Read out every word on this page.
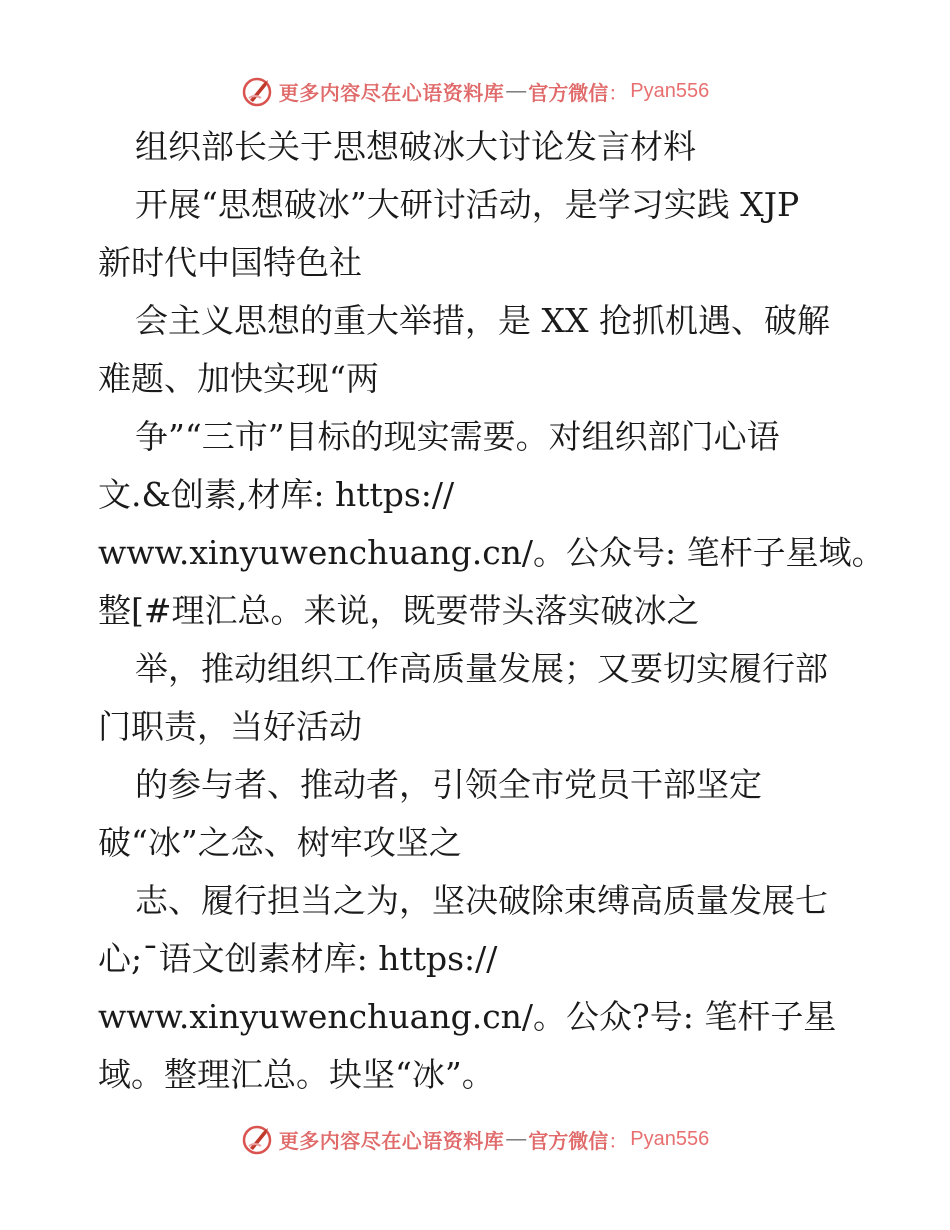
更多内容尽在心语资料库 — 官方微信 ： Pyan556
组织部长关于思想破冰大讨论发言材料
开展“思想破冰”大研讨活动，是学习实践 XJP
新时代中国特色社
会主义思想的重大举措，是 XX 抢抓机遇、破解
难题、加快实现“两
争”“三市”目标的现实需要。对组织部门心语
文.&创素,材库: https://
www.xinyuwenchuang.cn/。公众号: 笔杆子星域。
整[#理汇总。来说，既要带头落实破冰之
举，推动组织工作高质量发展；又要切实履行部
门职责，当好活动
的参与者、推动者，引领全市党员干部坚定
破“冰”之念、树牢攻坚之
志、履行担当之为，坚决破除束缚高质量发展七
心;¯语文创素材库: https://
www.xinyuwenchuang.cn/。公众?号: 笔杆子星
域。整理汇总。块坚“冰”。
更多内容尽在心语资料库 — 官方微信 ： Pyan556
